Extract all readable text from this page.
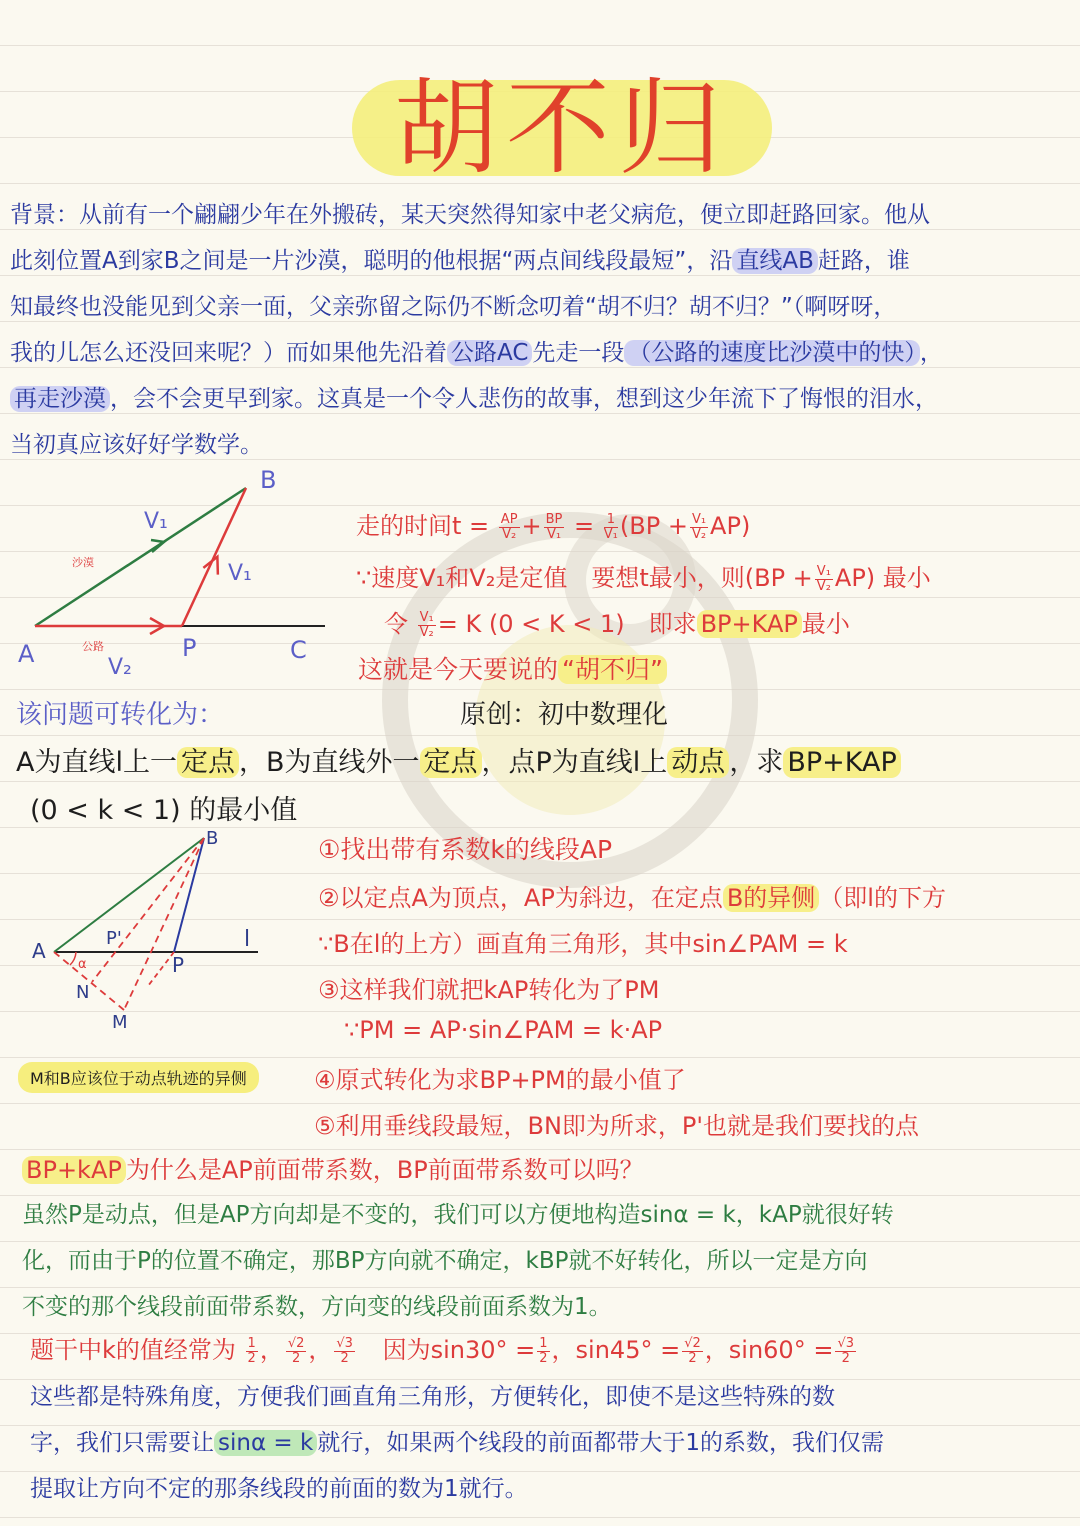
胡不归
背景：从前有一个翩翩少年在外搬砖，某天突然得知家中老父病危，便立即赶路回家。他从
此刻位置A到家B之间是一片沙漠，聪明的他根据“两点间线段最短”，沿 直线AB 赶路，谁
知最终也没能见到父亲一面，父亲弥留之际仍不断念叨着“胡不归？胡不归？”（啊呀呀，
我的儿怎么还没回来呢？）而如果他先沿着 公路AC 先走一段 （公路的速度比沙漠中的快） ，
再走沙漠 ，会不会更早到家。这真是一个令人悲伤的故事，想到这少年流下了悔恨的泪水，
当初真应该好好学数学。
B
A	P	C
V₁
V₁
V₂
沙漠
公路
走的时间$t = \frac{AP}{\text{V₂}} + \frac{BP}{\text{V₁}} = \frac{1}{\text{V₁}} (BP + \frac{\text{V₁}}{\text{V₂}} AP)$
∵速度V₁和V₂是定值　要想t最小，则$(BP + \frac{\text{V₁}}{\text{V₂}} AP)$ 最小
令 $\frac{\text{V₁}}{\text{V₂}} = K$ (0 < K < 1)　即求 BP+KAP 最小
这就是今天要说的 “胡不归”
该问题可转化为：	原创：初中数理化
A为直线l上一 定点 ，B为直线外一 定点 ，点P为直线l上 动点 ，求 BP+KAP
(0 < k < 1) 的最小值
A
B
P
P'
N
M
l
α
①找出带有系数k的线段AP
②以定点A为顶点，AP为斜边，在定点 B的异侧 （即l的下方
∵B在l的上方）画直角三角形，其中sin∠PAM = k
③这样我们就把kAP转化为了PM
∵PM = AP·sin∠PAM = k·AP
④原式转化为求BP+PM的最小值了
⑤利用垂线段最短，BN即为所求，P'也就是我们要找的点
M和B应该位于动点轨迹的异侧
BP+kAP 为什么是AP前面带系数，BP前面带系数可以吗？
虽然P是动点，但是AP方向却是不变的，我们可以方便地构造sinα = k，kAP就很好转
化，而由于P的位置不确定，那BP方向就不确定，kBP就不好转化，所以一定是方向
不变的那个线段前面带系数，方向变的线段前面系数为1。
题干中k的值经常为 $\frac{1}{2}$ ， $\frac{√2}{2}$ ， $\frac{√3}{2}$ 因为$\sin 30^\circ = \frac{1}{2}$ ，$\sin 45^\circ = \frac{√2}{2}$ ，$\sin 60^\circ = \frac{√3}{2}$
这些都是特殊角度，方便我们画直角三角形，方便转化，即使不是这些特殊的数
字，我们只需要让 sinα = k 就行，如果两个线段的前面都带大于1的系数，我们仅需
提取让方向不定的那条线段的前面的数为1就行。
